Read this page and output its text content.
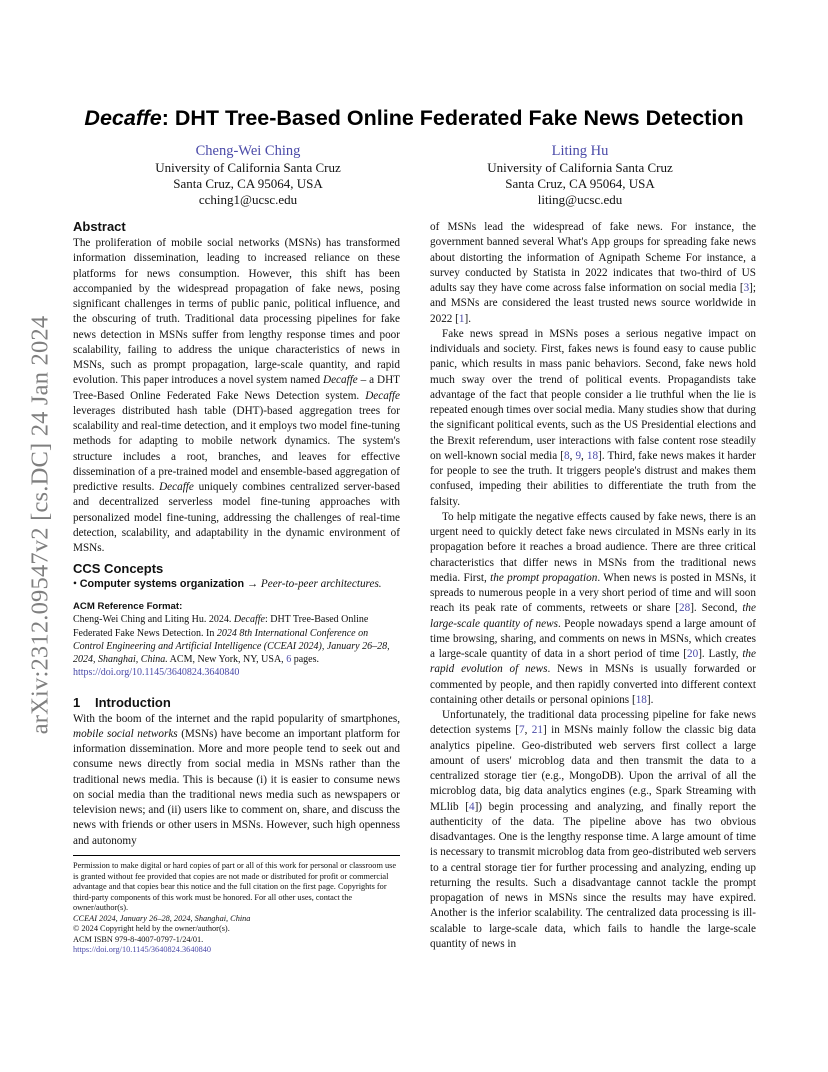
arXiv:2312.09547v2 [cs.DC] 24 Jan 2024
Decaffe: DHT Tree-Based Online Federated Fake News Detection
Cheng-Wei Ching
University of California Santa Cruz
Santa Cruz, CA 95064, USA
cching1@ucsc.edu
Liting Hu
University of California Santa Cruz
Santa Cruz, CA 95064, USA
liting@ucsc.edu
Abstract

The proliferation of mobile social networks (MSNs) has transformed information dissemination, leading to increased reliance on these platforms for news consumption. However, this shift has been accompanied by the widespread propagation of fake news, posing significant challenges in terms of public panic, political influence, and the obscuring of truth. Traditional data processing pipelines for fake news detection in MSNs suffer from lengthy response times and poor scalability, failing to address the unique characteristics of news in MSNs, such as prompt propagation, large-scale quantity, and rapid evolution. This paper introduces a novel system named Decaffe – a DHT Tree-Based Online Federated Fake News Detection system. Decaffe leverages distributed hash table (DHT)-based aggregation trees for scalability and real-time detection, and it employs two model fine-tuning methods for adapting to mobile network dynamics. The system's structure includes a root, branches, and leaves for effective dissemination of a pre-trained model and ensemble-based aggregation of predictive results. Decaffe uniquely combines centralized server-based and decentralized serverless model fine-tuning approaches with personalized model fine-tuning, addressing the challenges of real-time detection, scalability, and adaptability in the dynamic environment of MSNs.

CCS Concepts

• Computer systems organization → Peer-to-peer architectures.

ACM Reference Format:

Cheng-Wei Ching and Liting Hu. 2024. Decaffe: DHT Tree-Based Online Federated Fake News Detection. In 2024 8th International Conference on Control Engineering and Artificial Intelligence (CCEAI 2024), January 26–28, 2024, Shanghai, China. ACM, New York, NY, USA, 6 pages. https://doi.org/10.1145/3640824.3640840

1 Introduction

With the boom of the internet and the rapid popularity of smartphones, mobile social networks (MSNs) have become an important platform for information dissemination. More and more people tend to seek out and consume news directly from social media in MSNs rather than the traditional news media. This is because (i) it is easier to consume news on social media than the traditional news media such as newspapers or television news; and (ii) users like to comment on, share, and discuss the news with friends or other users in MSNs. However, such high openness and autonomy

Permission to make digital or hard copies of part or all of this work for personal or classroom use is granted without fee provided that copies are not made or distributed for profit or commercial advantage and that copies bear this notice and the full citation on the first page. Copyrights for third-party components of this work must be honored. For all other uses, contact the owner/author(s).
CCEAI 2024, January 26–28, 2024, Shanghai, China
© 2024 Copyright held by the owner/author(s).
ACM ISBN 979-8-4007-0797-1/24/01.
https://doi.org/10.1145/3640824.3640840

of MSNs lead the widespread of fake news. For instance, the government banned several What's App groups for spreading fake news about distorting the information of Agnipath Scheme For instance, a survey conducted by Statista in 2022 indicates that two-third of US adults say they have come across false information on social media [3]; and MSNs are considered the least trusted news source worldwide in 2022 [1].

Fake news spread in MSNs poses a serious negative impact on individuals and society. First, fakes news is found easy to cause public panic, which results in mass panic behaviors. Second, fake news hold much sway over the trend of political events. Propagandists take advantage of the fact that people consider a lie truthful when the lie is repeated enough times over social media. Many studies show that during the significant political events, such as the US Presidential elections and the Brexit referendum, user interactions with false content rose steadily on well-known social media [8, 9, 18]. Third, fake news makes it harder for people to see the truth. It triggers people's distrust and makes them confused, impeding their abilities to differentiate the truth from the falsity.

To help mitigate the negative effects caused by fake news, there is an urgent need to quickly detect fake news circulated in MSNs early in its propagation before it reaches a broad audience. There are three critical characteristics that differ news in MSNs from the traditional news media. First, the prompt propagation. When news is posted in MSNs, it spreads to numerous people in a very short period of time and will soon reach its peak rate of comments, retweets or share [28]. Second, the large-scale quantity of news. People nowadays spend a large amount of time browsing, sharing, and comments on news in MSNs, which creates a large-scale quantity of data in a short period of time [20]. Lastly, the rapid evolution of news. News in MSNs is usually forwarded or commented by people, and then rapidly converted into different context containing other details or personal opinions [18].

Unfortunately, the traditional data processing pipeline for fake news detection systems [7, 21] in MSNs mainly follow the classic big data analytics pipeline. Geo-distributed web servers first collect a large amount of users' microblog data and then transmit the data to a centralized storage tier (e.g., MongoDB). Upon the arrival of all the microblog data, big data analytics engines (e.g., Spark Streaming with MLlib [4]) begin processing and analyzing, and finally report the authenticity of the data. The pipeline above has two obvious disadvantages. One is the lengthy response time. A large amount of time is necessary to transmit microblog data from geo-distributed web servers to a central storage tier for further processing and analyzing, ending up returning the results. Such a disadvantage cannot tackle the prompt propagation of news in MSNs since the results may have expired. Another is the inferior scalability. The centralized data processing is ill-scalable to large-scale data, which fails to handle the large-scale quantity of news in
